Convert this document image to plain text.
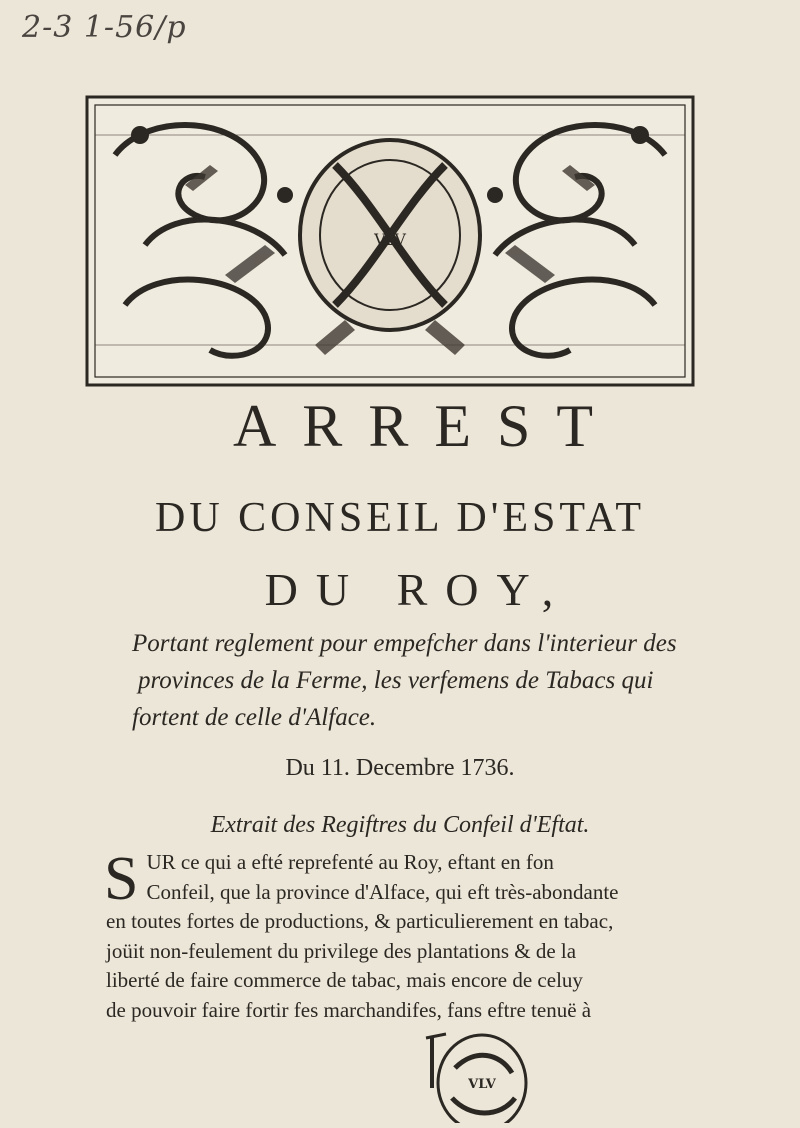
2-3 1-56/p
VLV
ARREST
DU CONSEIL D'ESTAT
DU ROY,
Portant reglement pour empefcher dans l'interieur des
provinces de la Ferme, les verfemens de Tabacs qui
fortent de celle d'Alface.
Du 11. Decembre 1736.
Extrait des Regiftres du Confeil d'Eftat.
S UR ce qui a efté reprefenté au Roy, eftant en fon
Confeil, que la province d'Alface, qui eft très-abondante
en toutes fortes de productions, & particulierement en tabac,
joüit non-feulement du privilege des plantations & de la
liberté de faire commerce de tabac, mais encore de celuy
de pouvoir faire fortir fes marchandifes, fans eftre tenuë à
VLV
